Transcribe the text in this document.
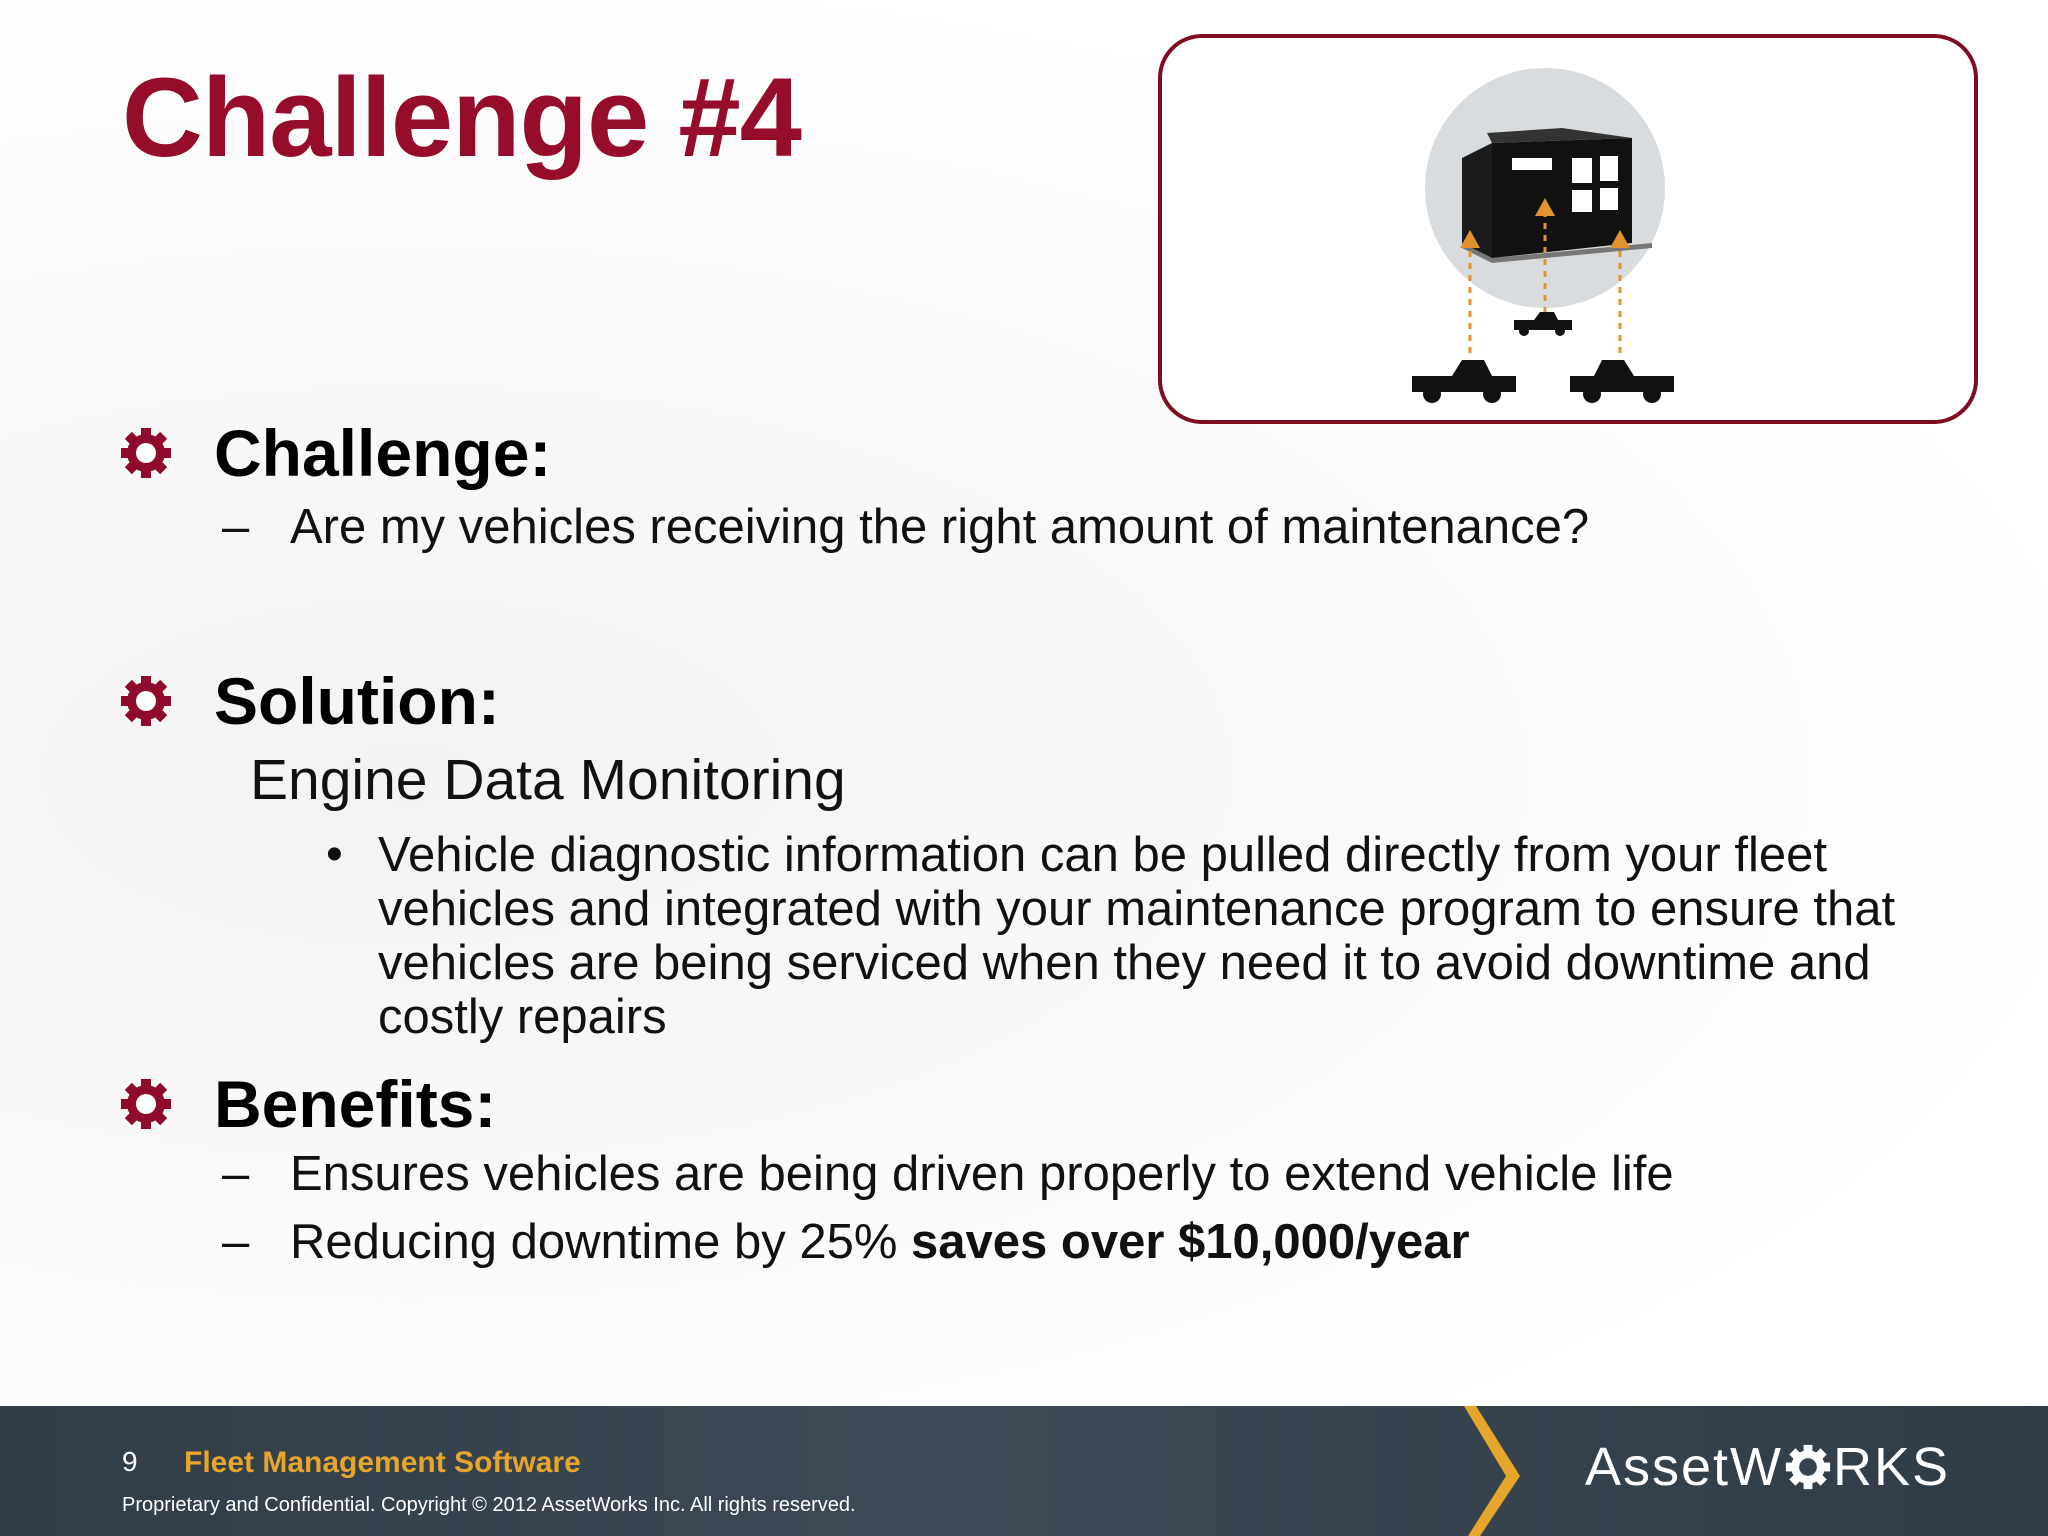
Challenge #4
Challenge:
– Are my vehicles receiving the right amount of maintenance?
Solution:
Engine Data Monitoring
• Vehicle diagnostic information can be pulled directly from your fleet vehicles and integrated with your maintenance program to ensure that vehicles are being serviced when they need it to avoid downtime and costly repairs
Benefits:
– Ensures vehicles are being driven properly to extend vehicle life
– Reducing downtime by 25% saves over $10,000/year
9 Fleet Management Software
Proprietary and Confidential. Copyright © 2012 AssetWorks Inc. All rights reserved.
AssetW RKS
